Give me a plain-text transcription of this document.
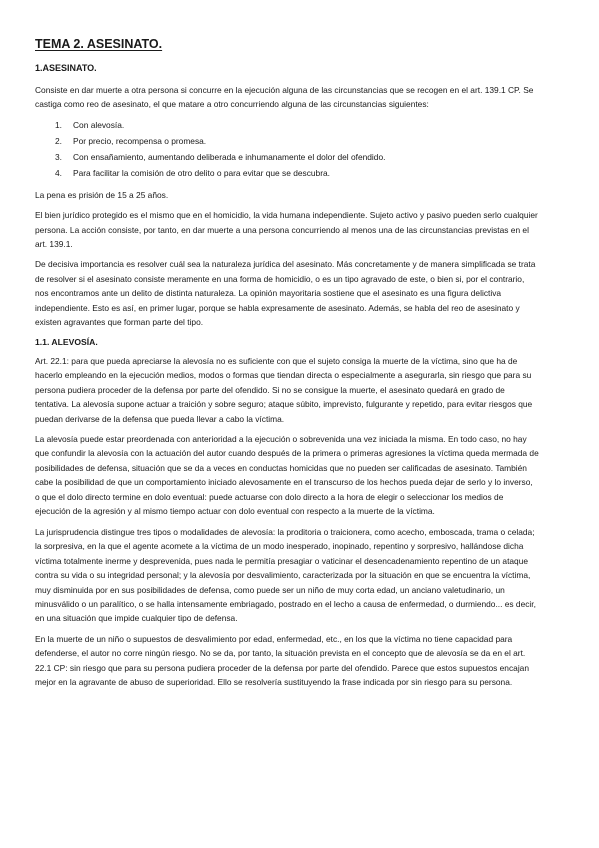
TEMA 2. ASESINATO.
1.ASESINATO.

Consiste en dar muerte a otra persona si concurre en la ejecución alguna de las circunstancias que se recogen en el art. 139.1 CP. Se castiga como reo de asesinato, el que matare a otro concurriendo alguna de las circunstancias siguientes:

1. Con alevosía.
2. Por precio, recompensa o promesa.
3. Con ensañamiento, aumentando deliberada e inhumanamente el dolor del ofendido.
4. Para facilitar la comisión de otro delito o para evitar que se descubra.

La pena es prisión de 15 a 25 años.

El bien jurídico protegido es el mismo que en el homicidio, la vida humana independiente. Sujeto activo y pasivo pueden serlo cualquier persona. La acción consiste, por tanto, en dar muerte a una persona concurriendo al menos una de las circunstancias previstas en el art. 139.1.

De decisiva importancia es resolver cuál sea la naturaleza jurídica del asesinato. Más concretamente y de manera simplificada se trata de resolver si el asesinato consiste meramente en una forma de homicidio, o es un tipo agravado de este, o bien si, por el contrario, nos encontramos ante un delito de distinta naturaleza. La opinión mayoritaria sostiene que el asesinato es una figura delictiva independiente. Esto es así, en primer lugar, porque se habla expresamente de asesinato. Además, se habla del reo de asesinato y existen agravantes que forman parte del tipo.

1.1. ALEVOSÍA.

Art. 22.1: para que pueda apreciarse la alevosía no es suficiente con que el sujeto consiga la muerte de la víctima, sino que ha de hacerlo empleando en la ejecución medios, modos o formas que tiendan directa o especialmente a asegurarla, sin riesgo que para su persona pudiera proceder de la defensa por parte del ofendido. Si no se consigue la muerte, el asesinato quedará en grado de tentativa. La alevosía supone actuar a traición y sobre seguro; ataque súbito, imprevisto, fulgurante y repetido, para evitar riesgos que puedan derivarse de la defensa que pueda llevar a cabo la víctima.

La alevosía puede estar preordenada con anterioridad a la ejecución o sobrevenida una vez iniciada la misma. En todo caso, no hay que confundir la alevosía con la actuación del autor cuando después de la primera o primeras agresiones la víctima queda mermada de posibilidades de defensa, situación que se da a veces en conductas homicidas que no pueden ser calificadas de asesinato. También cabe la posibilidad de que un comportamiento iniciado alevosamente en el transcurso de los hechos pueda dejar de serlo y lo inverso, o que el dolo directo termine en dolo eventual: puede actuarse con dolo directo a la hora de elegir o seleccionar los medios de ejecución de la agresión y al mismo tiempo actuar con dolo eventual con respecto a la muerte de la víctima.

La jurisprudencia distingue tres tipos o modalidades de alevosía: la proditoria o traicionera, como acecho, emboscada, trama o celada; la sorpresiva, en la que el agente acomete a la víctima de un modo inesperado, inopinado, repentino y sorpresivo, hallándose dicha víctima totalmente inerme y desprevenida, pues nada le permitía presagiar o vaticinar el desencadenamiento repentino de un ataque contra su vida o su integridad personal; y la alevosía por desvalimiento, caracterizada por la situación en que se encuentra la víctima, muy disminuida por en sus posibilidades de defensa, como puede ser un niño de muy corta edad, un anciano valetudinario, un minusválido o un paralítico, o se halla intensamente embriagado, postrado en el lecho a causa de enfermedad, o durmiendo... es decir, en una situación que impide cualquier tipo de defensa.

En la muerte de un niño o supuestos de desvalimiento por edad, enfermedad, etc., en los que la víctima no tiene capacidad para defenderse, el autor no corre ningún riesgo. No se da, por tanto, la situación prevista en el concepto que de alevosía se da en el art. 22.1 CP: sin riesgo que para su persona pudiera proceder de la defensa por parte del ofendido. Parece que estos supuestos encajan mejor en la agravante de abuso de superioridad. Ello se resolvería sustituyendo la frase indicada por sin riesgo para su persona.
